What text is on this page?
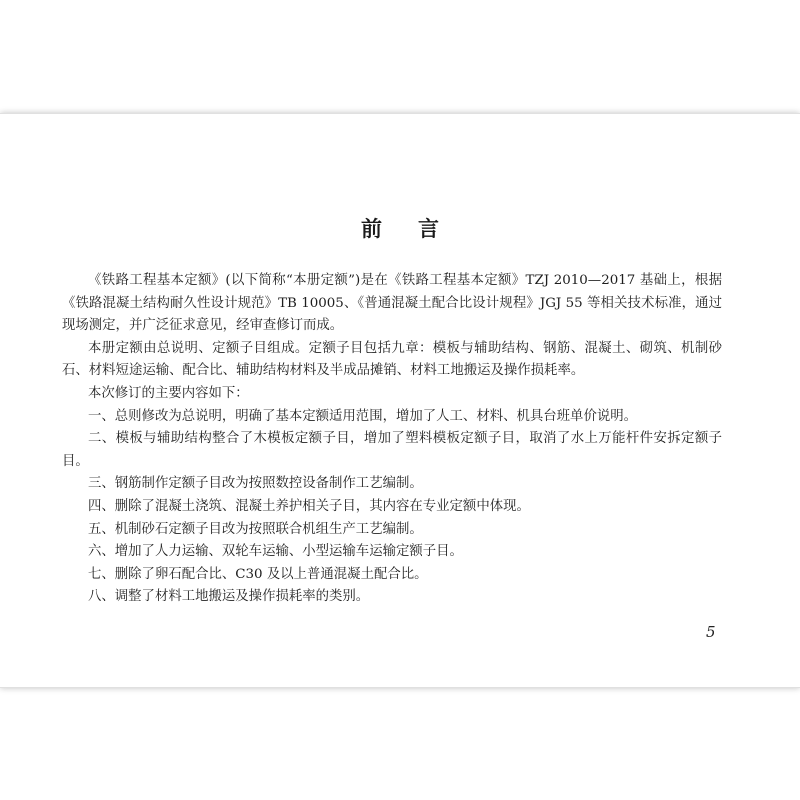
前 言

《铁路工程基本定额》(以下简称“本册定额”)是在《铁路工程基本定额》TZJ 2010—2017 基础上，根据《铁路混凝土结构耐久性设计规范》TB 10005、《普通混凝土配合比设计规程》JGJ 55 等相关技术标准，通过现场测定，并广泛征求意见，经审查修订而成。

本册定额由总说明、定额子目组成。定额子目包括九章：模板与辅助结构、钢筋、混凝土、砌筑、机制砂石、材料短途运输、配合比、辅助结构材料及半成品摊销、材料工地搬运及操作损耗率。

本次修订的主要内容如下：

一、总则修改为总说明，明确了基本定额适用范围，增加了人工、材料、机具台班单价说明。

二、模板与辅助结构整合了木模板定额子目，增加了塑料模板定额子目，取消了水上万能杆件安拆定额子目。

三、钢筋制作定额子目改为按照数控设备制作工艺编制。

四、删除了混凝土浇筑、混凝土养护相关子目，其内容在专业定额中体现。

五、机制砂石定额子目改为按照联合机组生产工艺编制。

六、增加了人力运输、双轮车运输、小型运输车运输定额子目。

七、删除了卵石配合比、C30 及以上普通混凝土配合比。

八、调整了材料工地搬运及操作损耗率的类别。

5
